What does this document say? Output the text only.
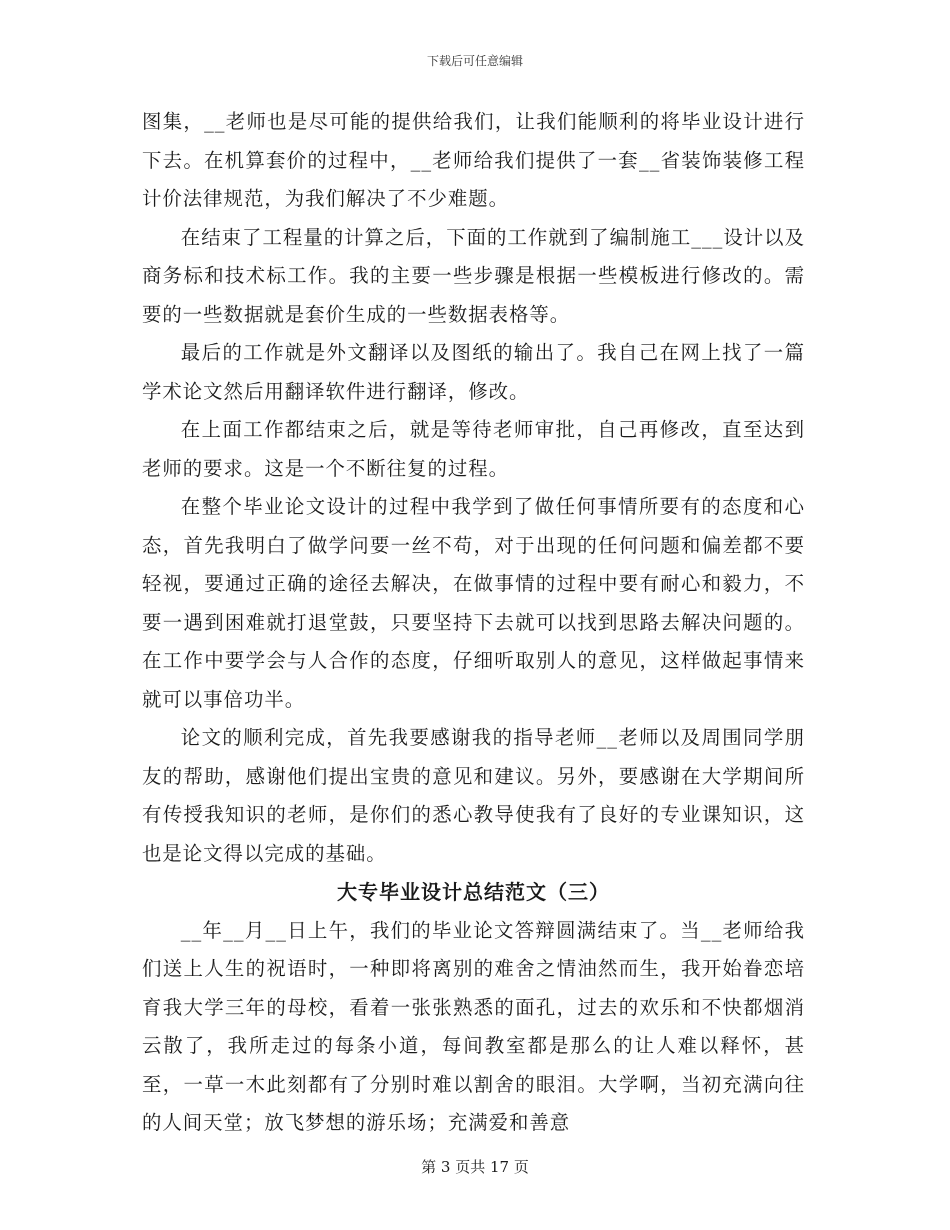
下载后可任意编辑

图集，__老师也是尽可能的提供给我们，让我们能顺利的将毕业设计进行下去。在机算套价的过程中，__老师给我们提供了一套__省装饰装修工程计价法律规范，为我们解决了不少难题。

在结束了工程量的计算之后，下面的工作就到了编制施工___设计以及商务标和技术标工作。我的主要一些步骤是根据一些模板进行修改的。需要的一些数据就是套价生成的一些数据表格等。

最后的工作就是外文翻译以及图纸的输出了。我自己在网上找了一篇学术论文然后用翻译软件进行翻译，修改。

在上面工作都结束之后，就是等待老师审批，自己再修改，直至达到老师的要求。这是一个不断往复的过程。

在整个毕业论文设计的过程中我学到了做任何事情所要有的态度和心态，首先我明白了做学问要一丝不苟，对于出现的任何问题和偏差都不要轻视，要通过正确的途径去解决，在做事情的过程中要有耐心和毅力，不要一遇到困难就打退堂鼓，只要坚持下去就可以找到思路去解决问题的。在工作中要学会与人合作的态度，仔细听取别人的意见，这样做起事情来就可以事倍功半。

论文的顺利完成，首先我要感谢我的指导老师__老师以及周围同学朋友的帮助，感谢他们提出宝贵的意见和建议。另外，要感谢在大学期间所有传授我知识的老师，是你们的悉心教导使我有了良好的专业课知识，这也是论文得以完成的基础。

大专毕业设计总结范文（三）

__年__月__日上午，我们的毕业论文答辩圆满结束了。当__老师给我们送上人生的祝语时，一种即将离别的难舍之情油然而生，我开始眷恋培育我大学三年的母校，看着一张张熟悉的面孔，过去的欢乐和不快都烟消云散了，我所走过的每条小道，每间教室都是那么的让人难以释怀，甚至，一草一木此刻都有了分别时难以割舍的眼泪。大学啊，当初充满向往的人间天堂；放飞梦想的游乐场；充满爱和善意

第 3 页共 17 页
